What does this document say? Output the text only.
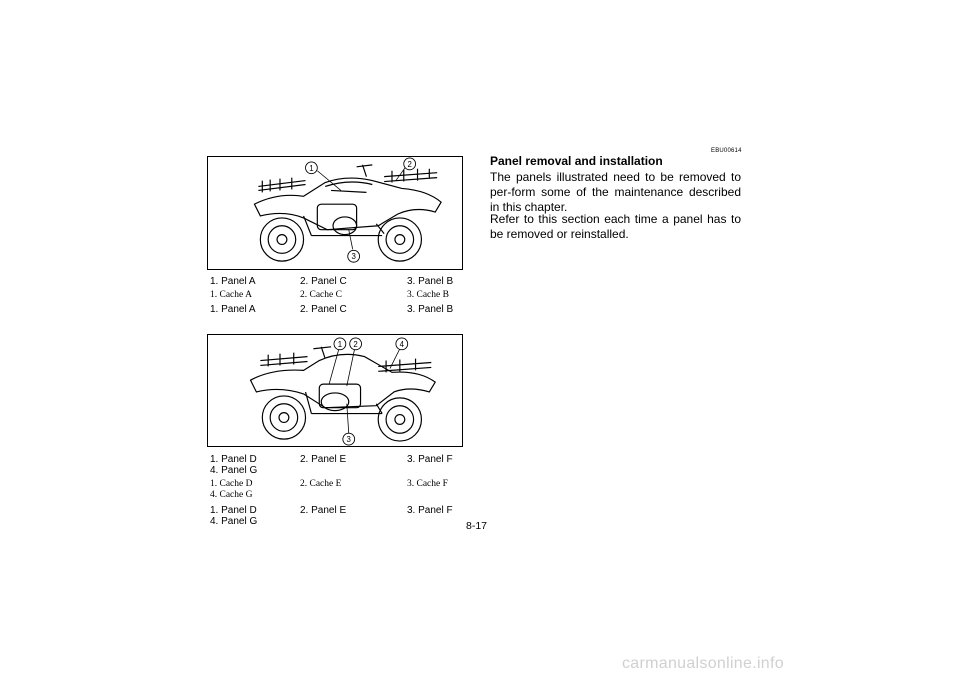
1	2
3
1. Panel A	2. Panel C	3. Panel B
1. Cache A	2. Cache C	3. Cache B
1. Panel A	2. Panel C	3. Panel B
1 2
3
4
1. Panel D	2. Panel E	3. Panel F
4. Panel G
1. Cache D	2. Cache E	3. Cache F
4. Cache G
1. Panel D	2. Panel E	3. Panel F
4. Panel G
EBU00614
Panel removal and installation

The panels illustrated need to be removed to per-form some of the maintenance described in this chapter.

Refer to this section each time a panel has to be removed or reinstalled.

8-17
carmanualsonline.info
